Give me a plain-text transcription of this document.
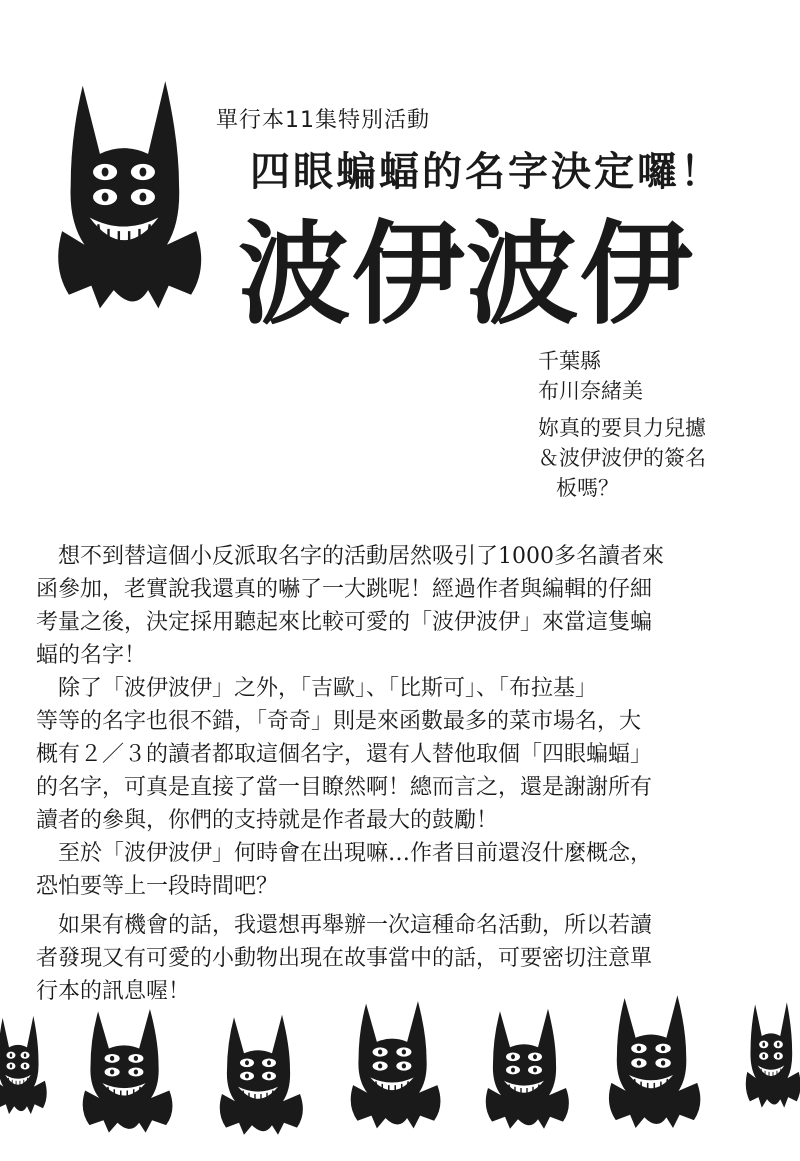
單行本11集特別活動
四眼蝙蝠的名字決定囉！
波伊波伊
千葉縣
布川奈緒美
妳真的要貝力兒攄
＆波伊波伊的簽名
板嗎？

　想不到替這個小反派取名字的活動居然吸引了1000多名讀者來

函參加，老實說我還真的嚇了一大跳呢！經過作者與編輯的仔細

考量之後，決定採用聽起來比較可愛的「波伊波伊」來當這隻蝙

蝠的名字！

　除了「波伊波伊」之外，「吉歐」、「比斯可」、「布拉基」

等等的名字也很不錯，「奇奇」則是來函數最多的菜市場名，大

概有２／３的讀者都取這個名字，還有人替他取個「四眼蝙蝠」

的名字，可真是直接了當一目瞭然啊！總而言之，還是謝謝所有

讀者的參與，你們的支持就是作者最大的鼓勵！

　至於「波伊波伊」何時會在出現嘛…作者目前還沒什麼概念，

恐怕要等上一段時間吧？

　如果有機會的話，我還想再舉辦一次這種命名活動，所以若讀

者發現又有可愛的小動物出現在故事當中的話，可要密切注意單

行本的訊息喔！
